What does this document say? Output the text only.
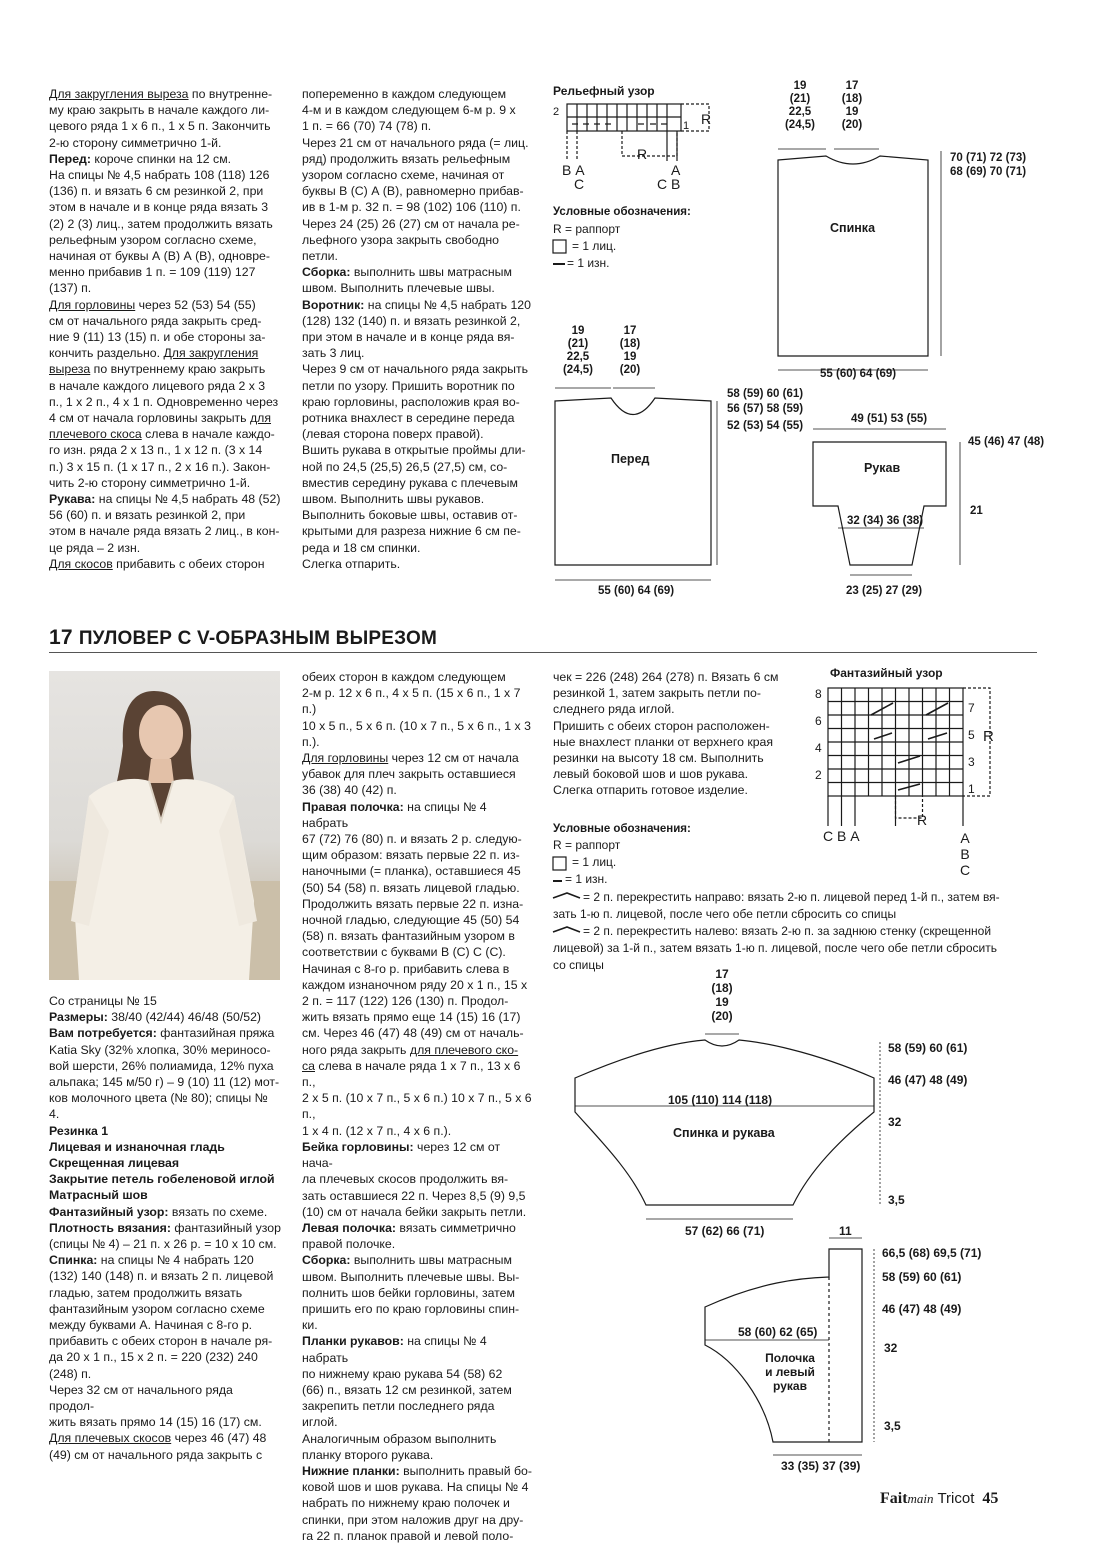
Для закругления выреза по внутренне-

му краю закрыть в начале каждого ли-

цевого ряда 1 х 6 п., 1 х 5 п. Закончить

2-ю сторону симметрично 1-й.

Перед: короче спинки на 12 см.

На спицы № 4,5 набрать 108 (118) 126

(136) п. и вязать 6 см резинкой 2, при

этом в начале и в конце ряда вязать 3

(2) 2 (3) лиц., затем продолжить вязать

рельефным узором согласно схеме,

начиная от буквы А (В) А (В), одновре-

менно прибавив 1 п. = 109 (119) 127

(137) п.

Для горловины через 52 (53) 54 (55)

см от начального ряда закрыть сред-

ние 9 (11) 13 (15) п. и обе стороны за-

кончить раздельно. Для закругления

выреза по внутреннему краю закрыть

в начале каждого лицевого ряда 2 х 3

п., 1 х 2 п., 4 х 1 п. Одновременно через

4 см от начала горловины закрыть для

плечевого скоса слева в начале каждо-

го изн. ряда 2 х 13 п., 1 х 12 п. (3 х 14

п.) 3 х 15 п. (1 х 17 п., 2 х 16 п.). Закон-

чить 2-ю сторону симметрично 1-й.

Рукава: на спицы № 4,5 набрать 48 (52)

56 (60) п. и вязать резинкой 2, при

этом в начале ряда вязать 2 лиц., в кон-

це ряда – 2 изн.

Для скосов прибавить с обеих сторон

попеременно в каждом следующем

4-м и в каждом следующем 6-м р. 9 х

1 п. = 66 (70) 74 (78) п.

Через 21 см от начального ряда (= лиц.

ряд) продолжить вязать рельефным

узором согласно схеме, начиная от

буквы В (С) А (В), равномерно прибав-

ив в 1-м р. 32 п. = 98 (102) 106 (110) п.

Через 24 (25) 26 (27) см от начала ре-

льефного узора закрыть свободно

петли.

Сборка: выполнить швы матрасным

швом. Выполнить плечевые швы.

Воротник: на спицы № 4,5 набрать 120

(128) 132 (140) п. и вязать резинкой 2,

при этом в начале и в конце ряда вя-

зать 3 лиц.

Через 9 см от начального ряда закрыть

петли по узору. Пришить воротник по

краю горловины, расположив края во-

ротника внахлест в середине переда

(левая сторона поверх правой).

Вшить рукава в открытые проймы дли-

ной по 24,5 (25,5) 26,5 (27,5) см, со-

вместив середину рукава с плечевым

швом. Выполнить швы рукавов.

Выполнить боковые швы, оставив от-

крытыми для разреза нижние 6 см пе-

реда и 18 см спинки.

Слегка отпарить.

Рельефный узор
2
1 R
В А
С
А
С В
R
Условные обозначения:
R = раппорт
= 1 лиц.
= 1 изн.
19
(21)
22,5
(24,5)
17
(18)
19
(20)
70 (71) 72 (73)
68 (69) 70 (71)
Спинка
55 (60) 64 (69)
19
(21)
22,5
(24,5)
17
(18)
19
(20)
58 (59) 60 (61)
56 (57) 58 (59)
52 (53) 54 (55)
Перед
55 (60) 64 (69)
49 (51) 53 (55)
45 (46) 47 (48)
Рукав
21
32 (34) 36 (38)
23 (25) 27 (29)
17 ПУЛОВЕР С V-ОБРАЗНЫМ ВЫРЕЗОМ

Со страницы № 15

Размеры: 38/40 (42/44) 46/48 (50/52)

Вам потребуется: фантазийная пряжа

Katia Sky (32% хлопка, 30% мериносо-

вой шерсти, 26% полиамида, 12% пуха

альпака; 145 м/50 г) – 9 (10) 11 (12) мот-

ков молочного цвета (№ 80); спицы № 4.

Резинка 1

Лицевая и изнаночная гладь

Скрещенная лицевая

Закрытие петель гобеленовой иглой

Матрасный шов

Фантазийный узор: вязать по схеме.

Плотность вязания: фантазийный узор

(спицы № 4) – 21 п. х 26 р. = 10 х 10 см.

Спинка: на спицы № 4 набрать 120

(132) 140 (148) п. и вязать 2 п. лицевой

гладью, затем продолжить вязать

фантазийным узором согласно схеме

между буквами А. Начиная с 8-го р.

прибавить с обеих сторон в начале ря-

да 20 х 1 п., 15 х 2 п. = 220 (232) 240

(248) п.

Через 32 см от начального ряда продол-

жить вязать прямо 14 (15) 16 (17) см.

Для плечевых скосов через 46 (47) 48

(49) см от начального ряда закрыть с

обеих сторон в каждом следующем

2-м р. 12 х 6 п., 4 х 5 п. (15 х 6 п., 1 х 7 п.)

10 х 5 п., 5 х 6 п. (10 х 7 п., 5 х 6 п., 1 х 3 п.).

Для горловины через 12 см от начала

убавок для плеч закрыть оставшиеся

36 (38) 40 (42) п.

Правая полочка: на спицы № 4 набрать

67 (72) 76 (80) п. и вязать 2 р. следую-

щим образом: вязать первые 22 п. из-

наночными (= планка), оставшиеся 45

(50) 54 (58) п. вязать лицевой гладью.

Продолжить вязать первые 22 п. изна-

ночной гладью, следующие 45 (50) 54

(58) п. вязать фантазийным узором в

соответствии с буквами В (С) С (С).

Начиная с 8-го р. прибавить слева в

каждом изнаночном ряду 20 х 1 п., 15 х

2 п. = 117 (122) 126 (130) п. Продол-

жить вязать прямо еще 14 (15) 16 (17)

см. Через 46 (47) 48 (49) см от началь-

ного ряда закрыть для плечевого ско-

са слева в начале ряда 1 х 7 п., 13 х 6 п.,

2 х 5 п. (10 х 7 п., 5 х 6 п.) 10 х 7 п., 5 х 6 п.,

1 х 4 п. (12 х 7 п., 4 х 6 п.).

Бейка горловины: через 12 см от нача-

ла плечевых скосов продолжить вя-

зать оставшиеся 22 п. Через 8,5 (9) 9,5

(10) см от начала бейки закрыть петли.

Левая полочка: вязать симметрично

правой полочке.

Сборка: выполнить швы матрасным

швом. Выполнить плечевые швы. Вы-

полнить шов бейки горловины, затем

пришить его по краю горловины спин-

ки.

Планки рукавов: на спицы № 4 набрать

по нижнему краю рукава 54 (58) 62

(66) п., вязать 12 см резинкой, затем

закрепить петли последнего ряда

иглой.

Аналогичным образом выполнить

планку второго рукава.

Нижние планки: выполнить правый бо-

ковой шов и шов рукава. На спицы № 4

набрать по нижнему краю полочек и

спинки, при этом наложив друг на дру-

га 22 п. планок правой и левой поло-

чек = 226 (248) 264 (278) п. Вязать 6 см

резинкой 1, затем закрыть петли по-

следнего ряда иглой.

Пришить с обеих сторон расположен-

ные внахлест планки от верхнего края

резинки на высоту 18 см. Выполнить

левый боковой шов и шов рукава.

Слегка отпарить готовое изделие.

Фантазийный узор
8
6
4
2
7
5
3
1
R
R
С В А	А
В
С
Условные обозначения:
R = раппорт
= 1 лиц.
= 1 изн.
= 2 п. перекрестить направо: вязать 2-ю п. лицевой перед 1-й п., затем вя-
зать 1-ю п. лицевой, после чего обе петли сбросить со спицы
= 2 п. перекрестить налево: вязать 2-ю п. за заднюю стенку (скрещенной
лицевой) за 1-й п., затем вязать 1-ю п. лицевой, после чего обе петли сбросить
со спицы
17
(18)
19
(20)
58 (59) 60 (61)
46 (47) 48 (49)
105 (110) 114 (118)
32
Спинка и рукава
3,5
57 (62) 66 (71)	11
66,5 (68) 69,5 (71)
58 (59) 60 (61)
46 (47) 48 (49)
58 (60) 62 (65)
32
Полочка
и левый
рукав
3,5
33 (35) 37 (39)
Faitmain Tricot 45
